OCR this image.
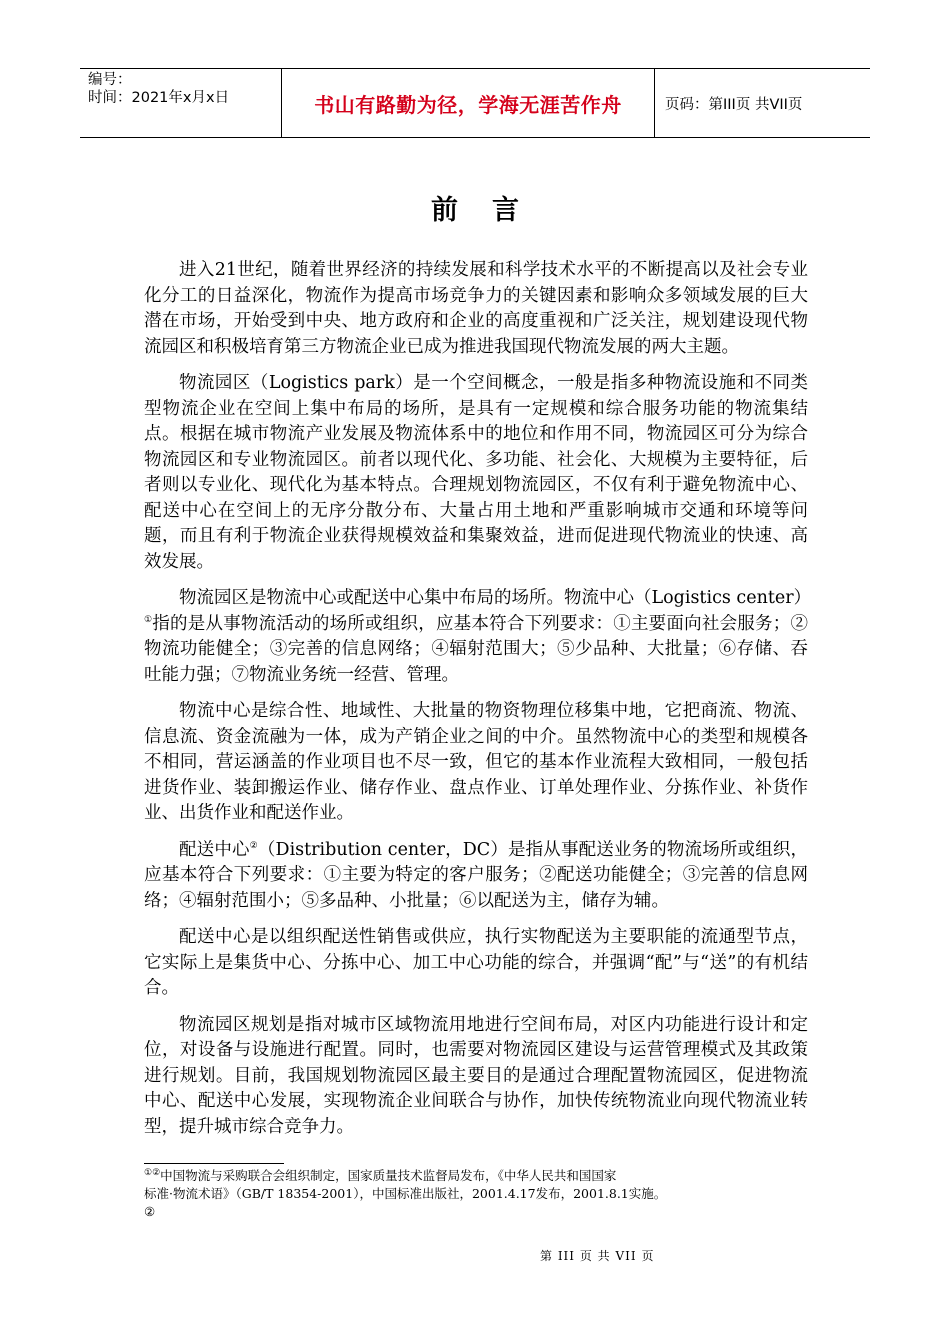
编号：
时间：2021年x月x日	书山有路勤为径，学海无涯苦作舟	页码：第III页 共VII页
前言

进入21世纪，随着世界经济的持续发展和科学技术水平的不断提高以及社会专业化分工的日益深化，物流作为提高市场竞争力的关键因素和影响众多领域发展的巨大潜在市场，开始受到中央、地方政府和企业的高度重视和广泛关注，规划建设现代物流园区和积极培育第三方物流企业已成为推进我国现代物流发展的两大主题。

物流园区（Logistics park）是一个空间概念，一般是指多种物流设施和不同类型物流企业在空间上集中布局的场所，是具有一定规模和综合服务功能的物流集结点。根据在城市物流产业发展及物流体系中的地位和作用不同，物流园区可分为综合物流园区和专业物流园区。前者以现代化、多功能、社会化、大规模为主要特征，后者则以专业化、现代化为基本特点。合理规划物流园区，不仅有利于避免物流中心、配送中心在空间上的无序分散分布、大量占用土地和严重影响城市交通和环境等问题，而且有利于物流企业获得规模效益和集聚效益，进而促进现代物流业的快速、高效发展。

物流园区是物流中心或配送中心集中布局的场所。物流中心（Logistics center）①指的是从事物流活动的场所或组织，应基本符合下列要求：①主要面向社会服务；②物流功能健全；③完善的信息网络；④辐射范围大；⑤少品种、大批量；⑥存储、吞吐能力强；⑦物流业务统一经营、管理。

物流中心是综合性、地域性、大批量的物资物理位移集中地，它把商流、物流、信息流、资金流融为一体，成为产销企业之间的中介。虽然物流中心的类型和规模各不相同，营运涵盖的作业项目也不尽一致，但它的基本作业流程大致相同，一般包括进货作业、装卸搬运作业、储存作业、盘点作业、订单处理作业、分拣作业、补货作业、出货作业和配送作业。

配送中心②（Distribution center，DC）是指从事配送业务的物流场所或组织，应基本符合下列要求：①主要为特定的客户服务；②配送功能健全；③完善的信息网络；④辐射范围小；⑤多品种、小批量；⑥以配送为主，储存为辅。

配送中心是以组织配送性销售或供应，执行实物配送为主要职能的流通型节点，它实际上是集货中心、分拣中心、加工中心功能的综合，并强调“配”与“送”的有机结合。

物流园区规划是指对城市区域物流用地进行空间布局，对区内功能进行设计和定位，对设备与设施进行配置。同时，也需要对物流园区建设与运营管理模式及其政策进行规划。目前，我国规划物流园区最主要目的是通过合理配置物流园区，促进物流中心、配送中心发展，实现物流企业间联合与协作，加快传统物流业向现代物流业转型，提升城市综合竞争力。

①②中国物流与采购联合会组织制定，国家质量技术监督局发布，《中华人民共和国国家
标准·物流术语》（GB/T 18354-2001），中国标准出版社，2001.4.17发布，2001.8.1实施。
②
第 III 页 共 VII 页
